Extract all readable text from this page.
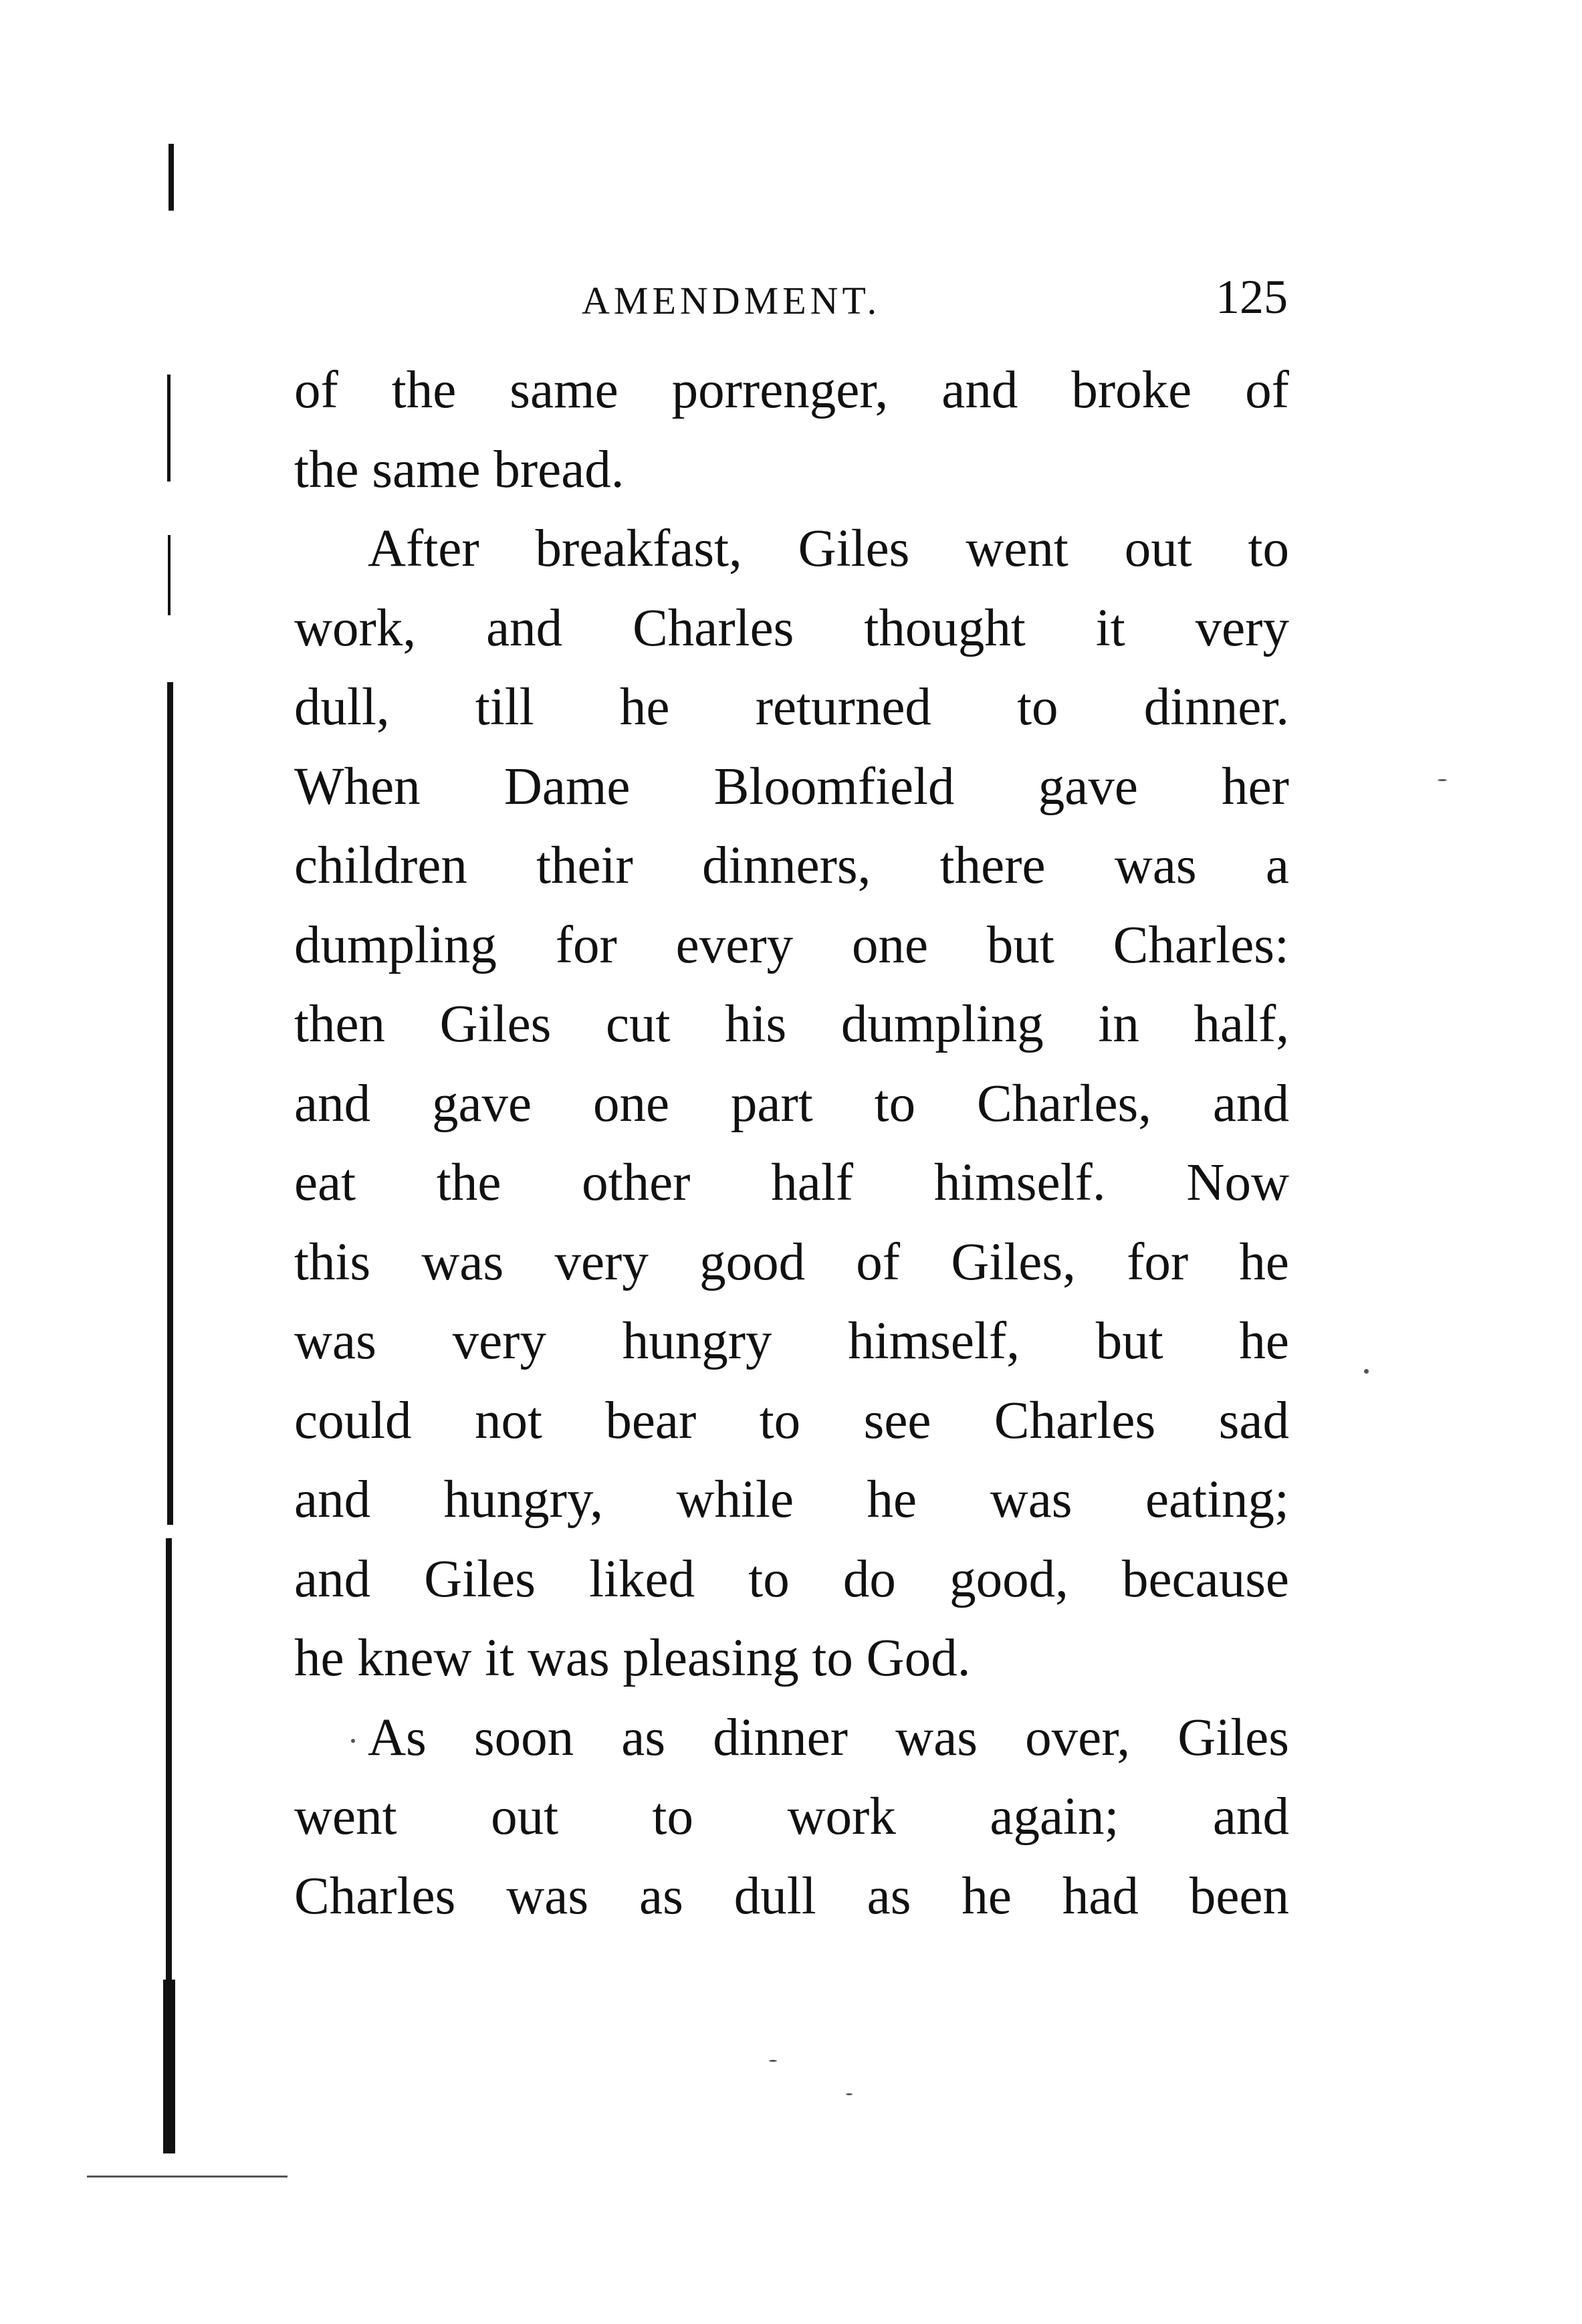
AMENDMENT.	125
of the same porrenger, and broke of
the same bread.
After breakfast, Giles went out to
work, and Charles thought it very
dull, till he returned to dinner.
When Dame Bloomfield gave her
children their dinners, there was a
dumpling for every one but Charles:
then Giles cut his dumpling in half,
and gave one part to Charles, and
eat the other half himself. Now
this was very good of Giles, for he
was very hungry himself, but he
could not bear to see Charles sad
and hungry, while he was eating;
and Giles liked to do good, because
he knew it was pleasing to God.
As soon as dinner was over, Giles
went out to work again; and
Charles was as dull as he had been
